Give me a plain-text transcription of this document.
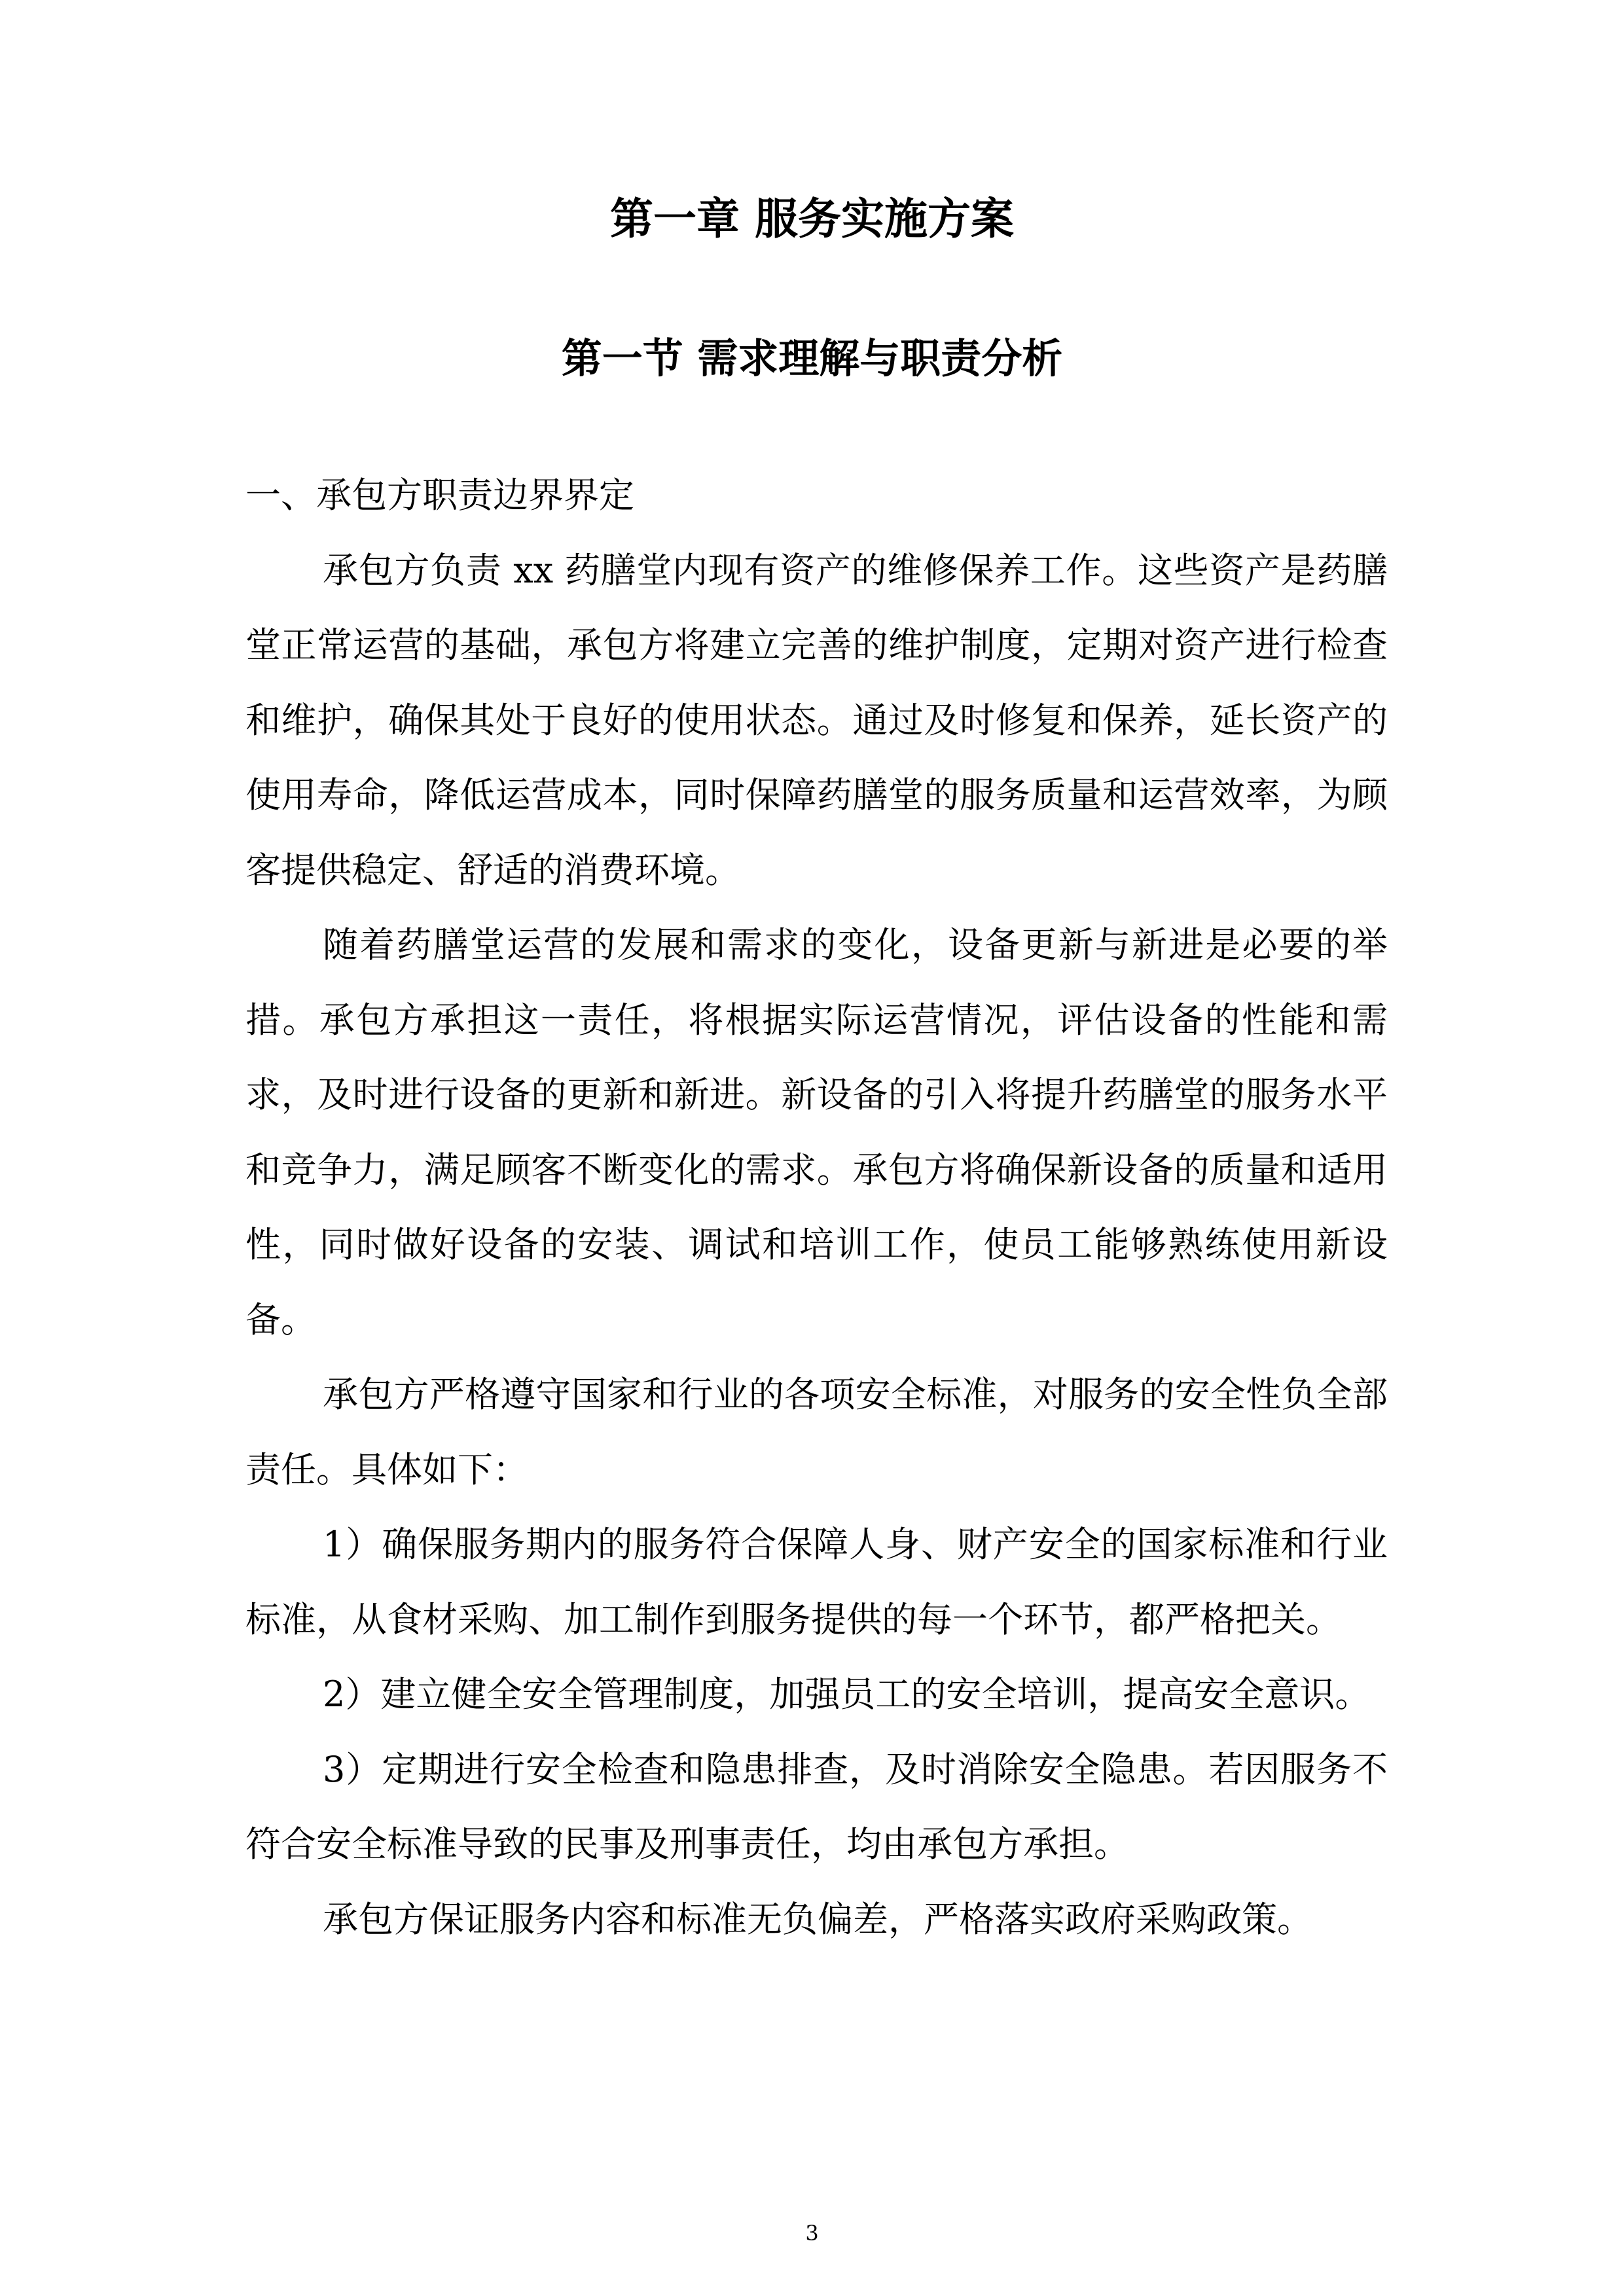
第一章 服务实施方案
第一节 需求理解与职责分析

一、承包方职责边界界定

承包方负责 xx 药膳堂内现有资产的维修保养工作。这些资产是药膳堂正常运营的基础，承包方将建立完善的维护制度，定期对资产进行检查和维护，确保其处于良好的使用状态。通过及时修复和保养，延长资产的使用寿命，降低运营成本，同时保障药膳堂的服务质量和运营效率，为顾客提供稳定、舒适的消费环境。

随着药膳堂运营的发展和需求的变化，设备更新与新进是必要的举措。承包方承担这一责任，将根据实际运营情况，评估设备的性能和需求，及时进行设备的更新和新进。新设备的引入将提升药膳堂的服务水平和竞争力，满足顾客不断变化的需求。承包方将确保新设备的质量和适用性，同时做好设备的安装、调试和培训工作，使员工能够熟练使用新设备。

承包方严格遵守国家和行业的各项安全标准，对服务的安全性负全部责任。具体如下：

1）确保服务期内的服务符合保障人身、财产安全的国家标准和行业标准，从食材采购、加工制作到服务提供的每一个环节，都严格把关。

2）建立健全安全管理制度，加强员工的安全培训，提高安全意识。

3）定期进行安全检查和隐患排查，及时消除安全隐患。若因服务不符合安全标准导致的民事及刑事责任，均由承包方承担。

承包方保证服务内容和标准无负偏差，严格落实政府采购政策。

3
